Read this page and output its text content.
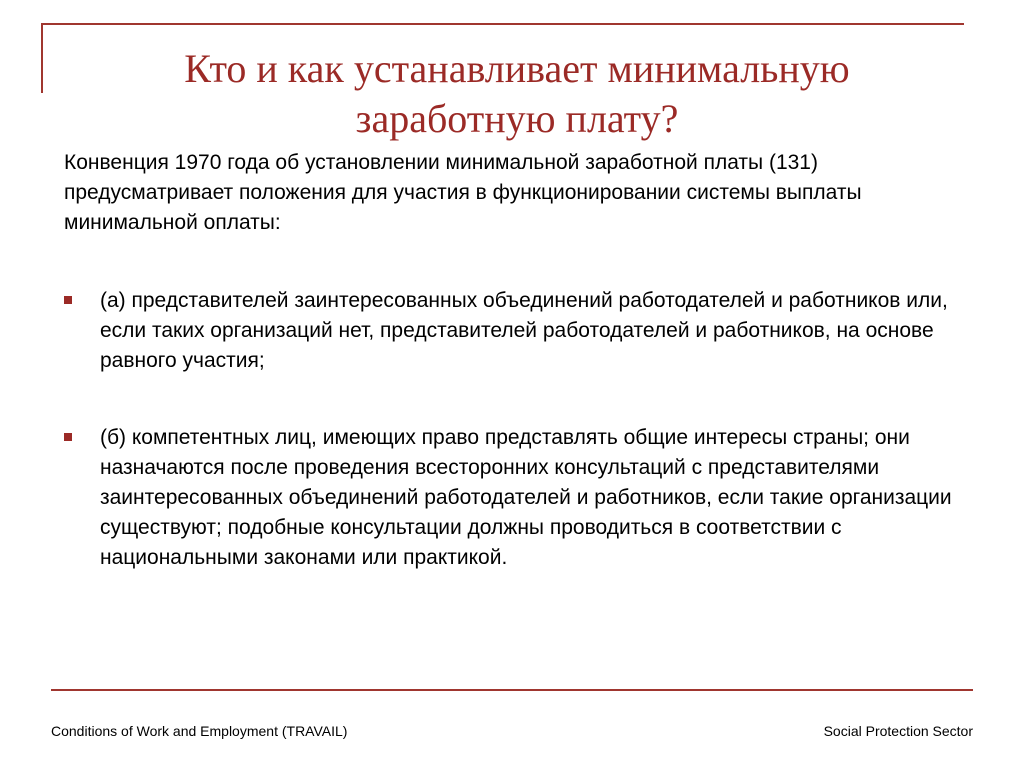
Кто и как устанавливает минимальную
заработную плату?
Конвенция 1970 года об установлении минимальной заработной платы (131) предусматривает положения для участия в функционировании системы выплаты минимальной оплаты:
(а) представителей заинтересованных объединений работодателей и работников или, если таких организаций нет, представителей работодателей и работников, на основе равного участия;
(б) компетентных лиц, имеющих право представлять общие интересы страны; они назначаются после проведения всесторонних консультаций с представителями заинтересованных объединений работодателей и работников, если такие организации существуют; подобные консультации должны проводиться в соответствии с национальными законами или практикой.
Conditions of Work and Employment (TRAVAIL)	Social Protection Sector
